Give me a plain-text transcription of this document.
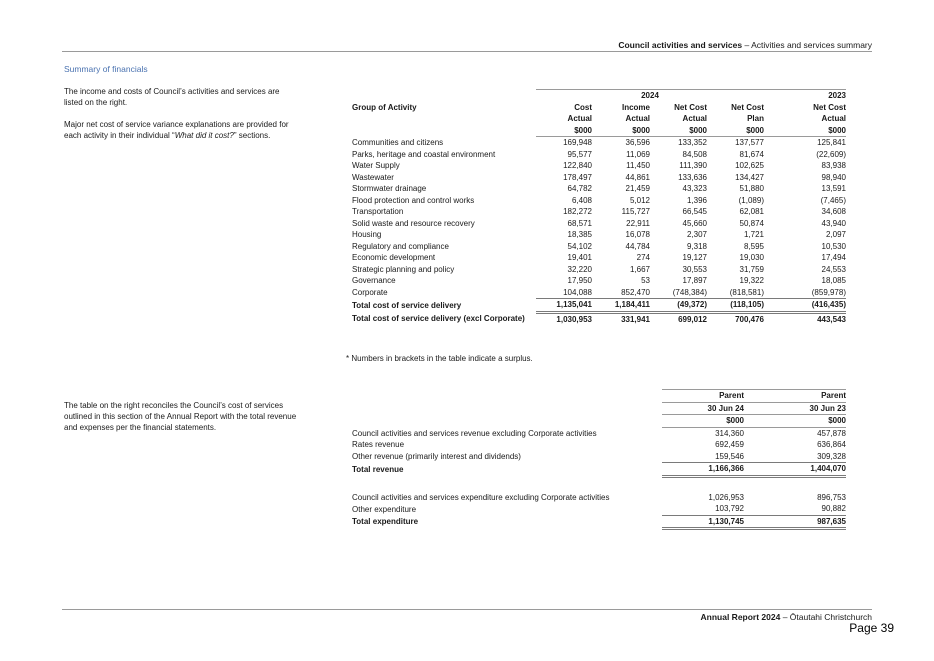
Council activities and services – Activities and services summary
Summary of financials
The income and costs of Council’s activities and services are listed on the right.
Major net cost of service variance explanations are provided for each activity in their individual “What did it cost?” sections.
	2024				2023
Group of Activity	Cost	Income	Net Cost	Net Cost	Net Cost
	Actual	Actual	Actual	Plan	Actual
	$000	$000	$000	$000	$000
Communities and citizens	169,948	36,596	133,352	137,577	125,841
Parks, heritage and coastal environment	95,577	11,069	84,508	81,674	(22,609)
Water Supply	122,840	11,450	111,390	102,625	83,938
Wastewater	178,497	44,861	133,636	134,427	98,940
Stormwater drainage	64,782	21,459	43,323	51,880	13,591
Flood protection and control works	6,408	5,012	1,396	(1,089)	(7,465)
Transportation	182,272	115,727	66,545	62,081	34,608
Solid waste and resource recovery	68,571	22,911	45,660	50,874	43,940
Housing	18,385	16,078	2,307	1,721	2,097
Regulatory and compliance	54,102	44,784	9,318	8,595	10,530
Economic development	19,401	274	19,127	19,030	17,494
Strategic planning and policy	32,220	1,667	30,553	31,759	24,553
Governance	17,950	53	17,897	19,322	18,085
Corporate	104,088	852,470	(748,384)	(818,581)	(859,978)
Total cost of service delivery	1,135,041	1,184,411	(49,372)	(118,105)	(416,435)
Total cost of service delivery (excl Corporate)	1,030,953	331,941	699,012	700,476	443,543
* Numbers in brackets in the table indicate a surplus.
The table on the right reconciles the Council’s cost of services outlined in this section of the Annual Report with the total revenue and expenses per the financial statements.
	Parent	Parent
	30 Jun 24	30 Jun 23
	$000	$000
Council activities and services revenue excluding Corporate activities	314,360	457,878
Rates revenue	692,459	636,864
Other revenue (primarily interest and dividends)	159,546	309,328
Total revenue	1,166,366	1,404,070

Council activities and services expenditure excluding Corporate activities	1,026,953	896,753
Other expenditure	103,792	90,882
Total expenditure	1,130,745	987,635
Annual Report 2024 – Ōtautahi Christchurch
Page 39
